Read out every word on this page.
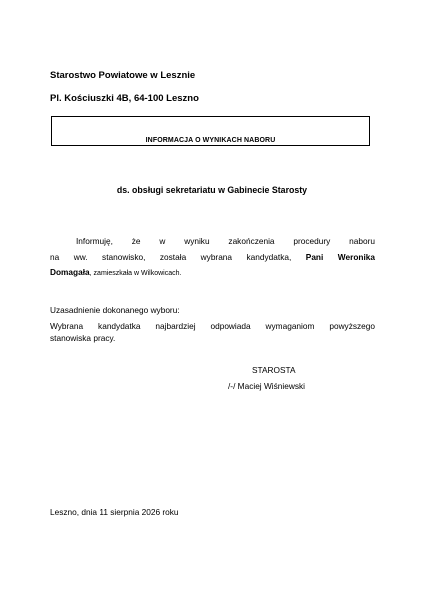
Starostwo Powiatowe w Lesznie
Pl. Kościuszki 4B, 64-100 Leszno
INFORMACJA O WYNIKACH NABORU
ds. obsługi sekretariatu w Gabinecie Starosty
Informuję, że w wyniku zakończenia procedury naboru
na ww. stanowisko, została wybrana kandydatka, Pani Weronika
Domagała, zamieszkała w Wilkowicach.
Uzasadnienie dokonanego wyboru:
Wybrana kandydatka najbardziej odpowiada wymaganiom powyższego
stanowiska pracy.
STAROSTA
/-/ Maciej Wiśniewski
Leszno, dnia 11 sierpnia 2026 roku
